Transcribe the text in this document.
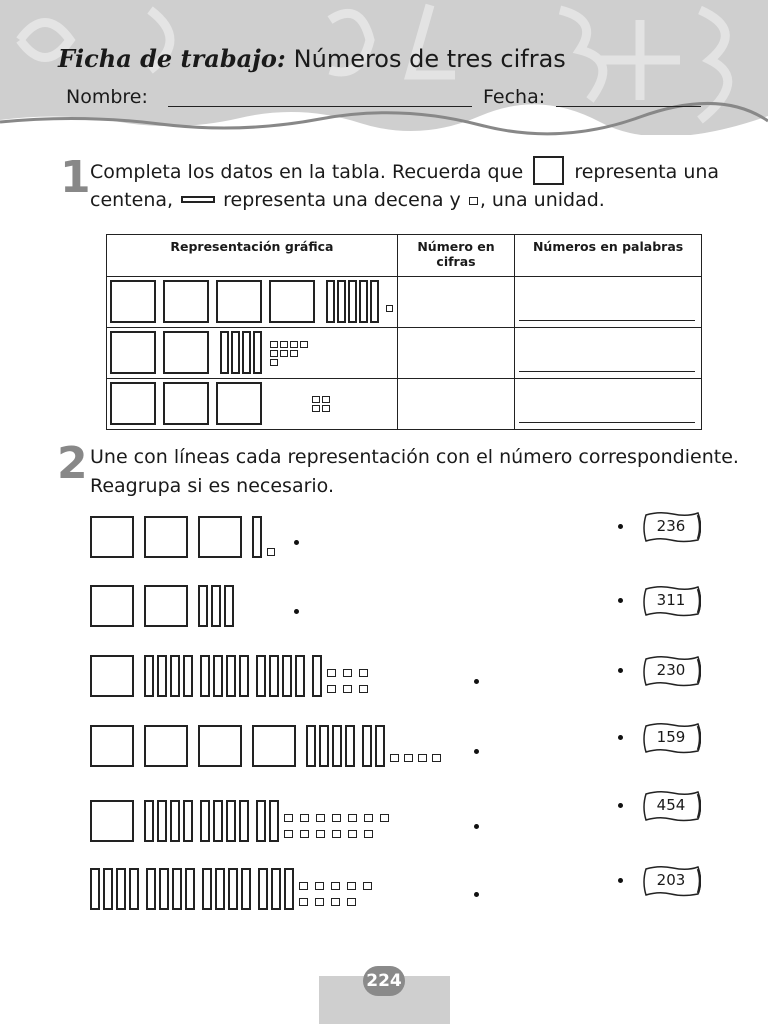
Ficha de trabajo: Números de tres cifras
Nombre:	Fecha:
1 Completa los datos en la tabla. Recuerda que	representa una
centena,	representa una decena y , una unidad.
Representación gráfica	Número en cifras	Números en palabras

2 Une con líneas cada representación con el número correspondiente.
Reagrupa si es necesario.
236
311
230
159
454
203
224
